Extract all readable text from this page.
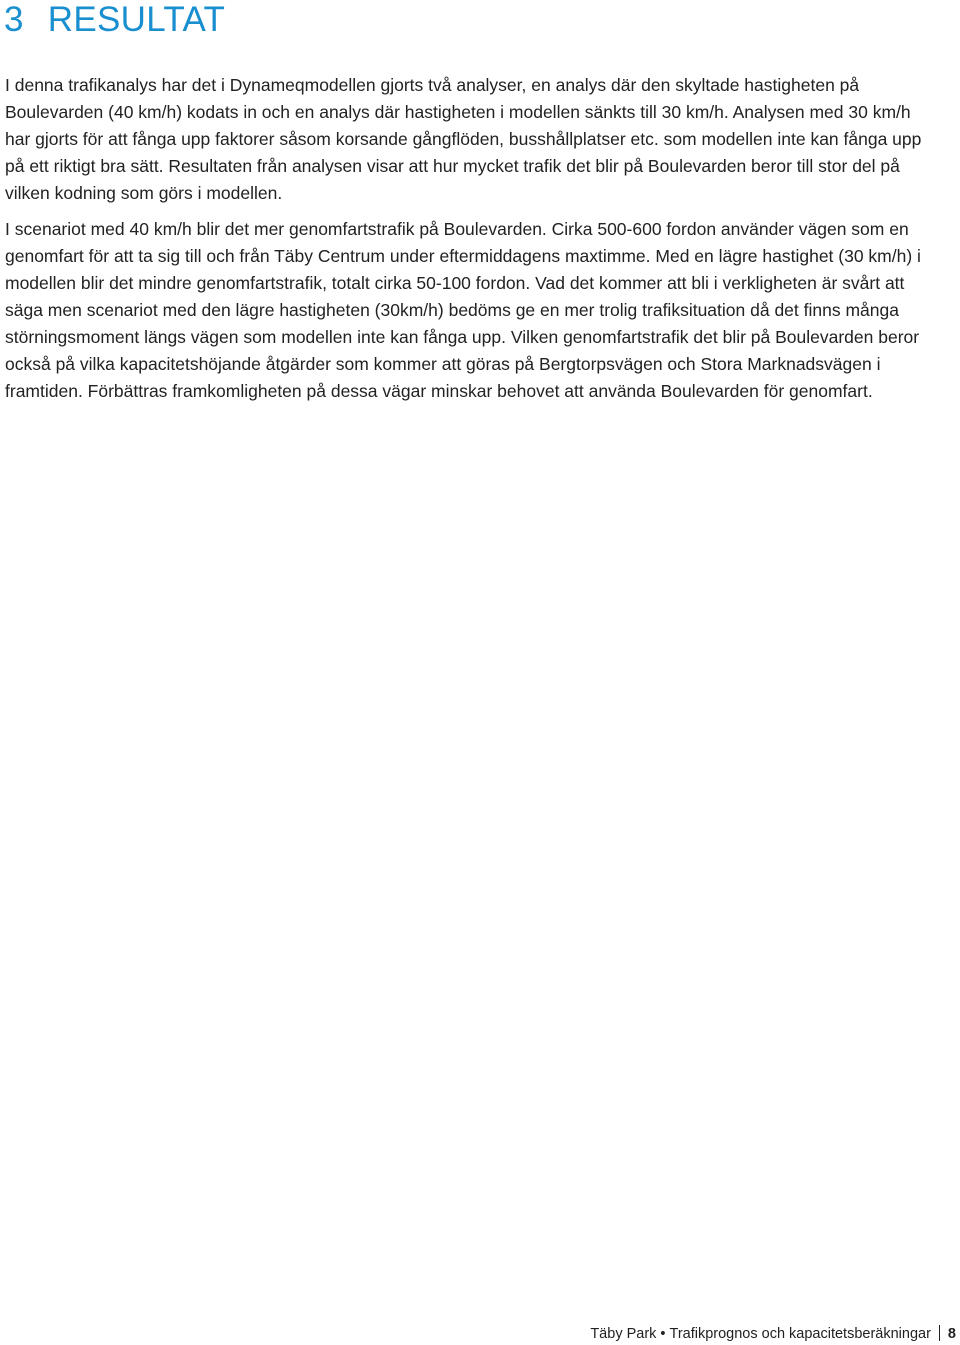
3 RESULTAT

I denna trafikanalys har det i Dynameqmodellen gjorts två analyser, en analys där den skyltade hastigheten på Boulevarden (40 km/h) kodats in och en analys där hastigheten i modellen sänkts till 30 km/h. Analysen med 30 km/h har gjorts för att fånga upp faktorer såsom korsande gångflöden, busshållplatser etc. som modellen inte kan fånga upp på ett riktigt bra sätt. Resultaten från analysen visar att hur mycket trafik det blir på Boulevarden beror till stor del på vilken kodning som görs i modellen.

I scenariot med 40 km/h blir det mer genomfartstrafik på Boulevarden. Cirka 500-600 fordon använder vägen som en genomfart för att ta sig till och från Täby Centrum under eftermiddagens maxtimme. Med en lägre hastighet (30 km/h) i modellen blir det mindre genomfartstrafik, totalt cirka 50-100 fordon. Vad det kommer att bli i verkligheten är svårt att säga men scenariot med den lägre hastigheten (30km/h) bedöms ge en mer trolig trafiksituation då det finns många störningsmoment längs vägen som modellen inte kan fånga upp. Vilken genomfartstrafik det blir på Boulevarden beror också på vilka kapacitetshöjande åtgärder som kommer att göras på Bergtorpsvägen och Stora Marknadsvägen i framtiden. Förbättras framkomligheten på dessa vägar minskar behovet att använda Boulevarden för genomfart.

Täby Park • Trafikprognos och kapacitetsberäkningar 8
